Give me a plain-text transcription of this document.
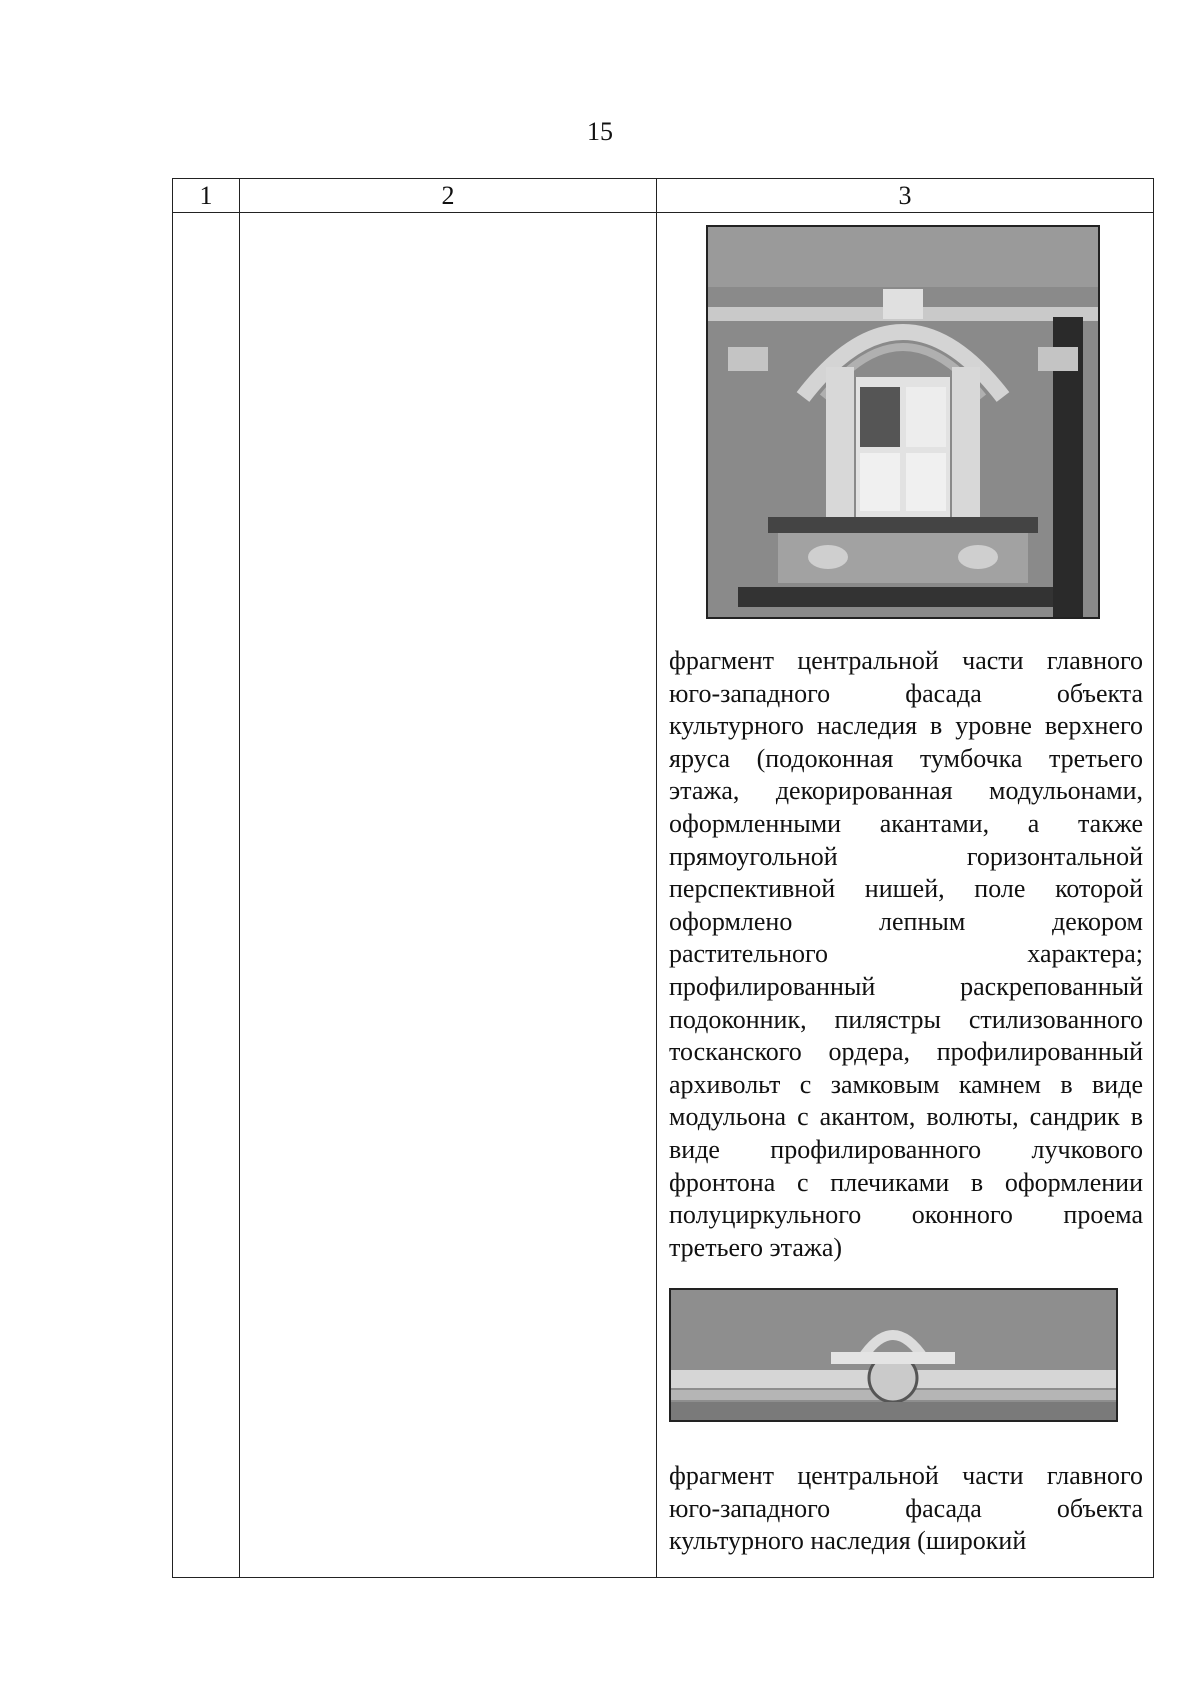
15
1	2	3

		фрагмент центральной части главного юго-западного фасада объекта культурного наследия в уровне верхнего яруса (подоконная тумбочка третьего этажа, декорированная модульонами, оформленными акантами, а также прямоугольной горизонтальной перспективной нишей, поле которой оформлено лепным декором растительного характера; профилированный раскрепованный подоконник, пилястры стилизованного тосканского ордера, профилированный архивольт с замковым камнем в виде модульона с акантом, волюты, сандрик в виде профилированного лучкового фронтона с плечиками в оформлении полуциркульного оконного проема третьего этажа)
фрагмент центральной части главного юго-западного фасада объекта культурного наследия (широкий
